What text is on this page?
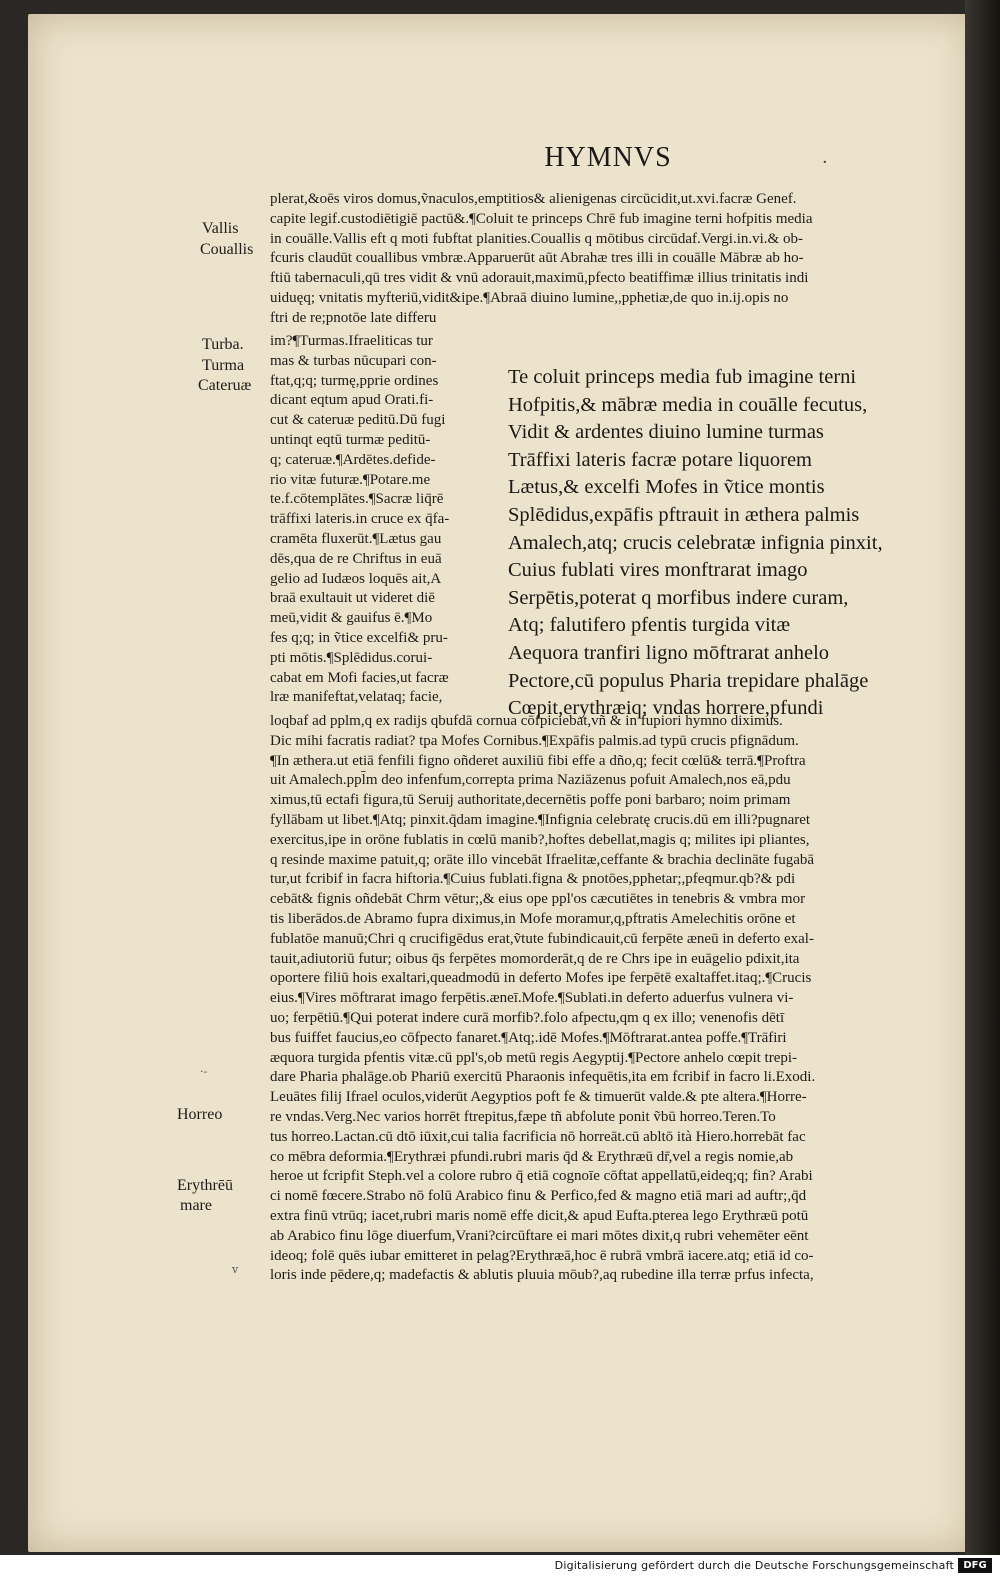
HYMNVS	·
Vallis
Couallis
Turba.
Turma
Cateruæ
·-
Horreo
Erythrēū
mare
v
plerat,&oēs viros domus,ṽnaculos,emptitios& alienigenas circūcidit,ut.xvi.facræ Genef.
capite legif.custodiētigiē pactū&.¶Coluit te princeps Chrē fub imagine terni hofpitis media
in couālle.Vallis eft q moti fubftat planities.Couallis q mōtibus circūdaf.Vergi.in.vi.& ob-
fcuris claudūt couallibus vmbræ.Apparuerūt aūt Abrahæ tres illi in couālle Mābræ ab ho-
ftiū tabernaculi,qū tres vidit & vnū adorauit,maximū,pfecto beatiffimæ illius trinitatis indi
uiduęq; vnitatis myfteriū,vidit&ipe.¶Abraā diuino lumine,,pphetiæ,de quo in.ij.opis no
ftri de re;pnotōe late differu
im?¶Turmas.Ifraeliticas tur
mas & turbas nūcupari con-
ftat,q;q; turmę,pprie ordines
dicant eqtum apud Orati.fi-
cut & cateruæ peditū.Dū fugi
untinqt eqtū turmæ peditū-
q; cateruæ.¶Ardētes.defide-
rio vitæ futuræ.¶Potare.me
te.f.cōtemplātes.¶Sacræ liq̄rē
trāffixi lateris.in cruce ex q̄fa-
cramēta fluxerūt.¶Lætus gau
dēs,qua de re Chriftus in euā
gelio ad Iudæos loquēs ait,A
braā exultauit ut videret diē
meū,vidit & gauifus ē.¶Mo
fes q;q; in ṽtice excelfi& pru-
pti mōtis.¶Splēdidus.corui-
cabat em Mofi facies,ut facræ
lræ manifeftat,velataq; facie,
Te coluit princeps media fub imagine terni
Hofpitis,& mābræ media in couālle fecutus,
Vidit & ardentes diuino lumine turmas
Trāffixi lateris facræ potare liquorem
Lætus,& excelfi Mofes in ṽtice montis
Splēdidus,expāfis pftrauit in æthera palmis
Amalech,atq; crucis celebratæ infignia pinxit,
Cuius fublati vires monftrarat imago
Serpētis,poterat q morfibus indere curam,
Atq; falutifero pfentis turgida vitæ
Aequora tranfiri ligno mōftrarat anhelo
Pectore,cū populus Pharia trepidare phalāge
Cœpit,erythræiq; vndas horrere,pfundi
loqbaf ad pplm,q ex radijs qbufdā cornua cōfpiciebat,vñ & in fupiori hymno diximus.
Dic mihi facratis radiat? tpa Mofes Cornibus.¶Expāfis palmis.ad typū crucis pfignādum.
¶In æthera.ut etiā fenfili figno oñderet auxiliū fibi effe a dño,q; fecit cœlū& terrā.¶Proftra
uit Amalech.ppl̄m deo infenfum,correpta prima Naziāzenus pofuit Amalech,nos eā,pdu
ximus,tū ectafi figura,tū Seruij authoritate,decernētis poffe poni barbaro; noim primam
fyllābam ut libet.¶Atq; pinxit.q̄dam imagine.¶Infignia celebratę crucis.dū em illi?pugnaret
exercitus,ipe in orōne fublatis in cœlū manib?,hoftes debellat,magis q; milites ipi pliantes,
q resinde maxime patuit,q; orāte illo vincebāt Ifraelitæ,ceffante & brachia declināte fugabā
tur,ut fcribif in facra hiftoria.¶Cuius fublati.figna & pnotōes,pphetar;,pfeqmur.qb?& pdi
cebāt& fignis oñdebāt Chrm vētur;,& eius ope ppl'os cæcutiētes in tenebris & vmbra mor
tis liberādos.de Abramo fupra diximus,in Mofe moramur,q,pftratis Amelechitis orōne et
fublatōe manuū;Chri q crucifigēdus erat,ṽtute fubindicauit,cū ferpēte æneū in deferto exal-
tauit,adiutoriū futur; oibus q̄s ferpētes momorderāt,q de re Chrs ipe in euāgelio pdixit,ita
oportere filiū hois exaltari,queadmodū in deferto Mofes ipe ferpētē exaltaffet.itaq;.¶Crucis
eius.¶Vires mōftrarat imago ferpētis.æneī.Mofe.¶Sublati.in deferto aduerfus vulnera vi-
uo; ferpētiū.¶Qui poterat indere curā morfib?.folo afpectu,qm q ex illo; venenofis dētī
bus fuiffet faucius,eo cōfpecto fanaret.¶Atq;.idē Mofes.¶Mōftrarat.antea poffe.¶Trāfiri
æquora turgida pfentis vitæ.cū ppl's,ob metū regis Aegyptij.¶Pectore anhelo cœpit trepi-
dare Pharia phalāge.ob Phariū exercitū Pharaonis infequētis,ita em fcribif in facro li.Exodi.
Leuātes filij Ifrael oculos,viderūt Aegyptios poft fe & timuerūt valde.& pte altera.¶Horre-
re vndas.Verg.Nec varios horrēt ftrepitus,fæpe tñ abfolute ponit ṽbū horreo.Teren.To
tus horreo.Lactan.cū dtō iūxit,cui talia facrificia nō horreāt.cū abltō ità Hiero.horrebāt fac
co mēbra deformia.¶Erythræi pfundi.rubri maris q̄d & Erythræū dr̄,vel a regis nomie,ab
heroe ut fcripfit Steph.vel a colore rubro q̄ etiā cognoīe cōftat appellatū,eideq;q; fin? Arabi
ci nomē fœcere.Strabo nō folū Arabico finu & Perfico,fed & magno etiā mari ad auftr;,q̄d
extra finū vtrūq; iacet,rubri maris nomē effe dicit,& apud Eufta.pterea lego Erythræū potū
ab Arabico finu lōge diuerfum,Vrani?circūftare ei mari mōtes dixit,q rubri vehemēter eēnt
ideoq; folē quēs iubar emitteret in pelag?Erythræā,hoc ē rubrā vmbrā iacere.atq; etiā id co-
loris inde pēdere,q; madefactis & ablutis pluuia mōub?,aq rubedine illa terræ prfus infecta,
Digitalisierung gefördert durch die Deutsche Forschungsgemeinschaft DFG
